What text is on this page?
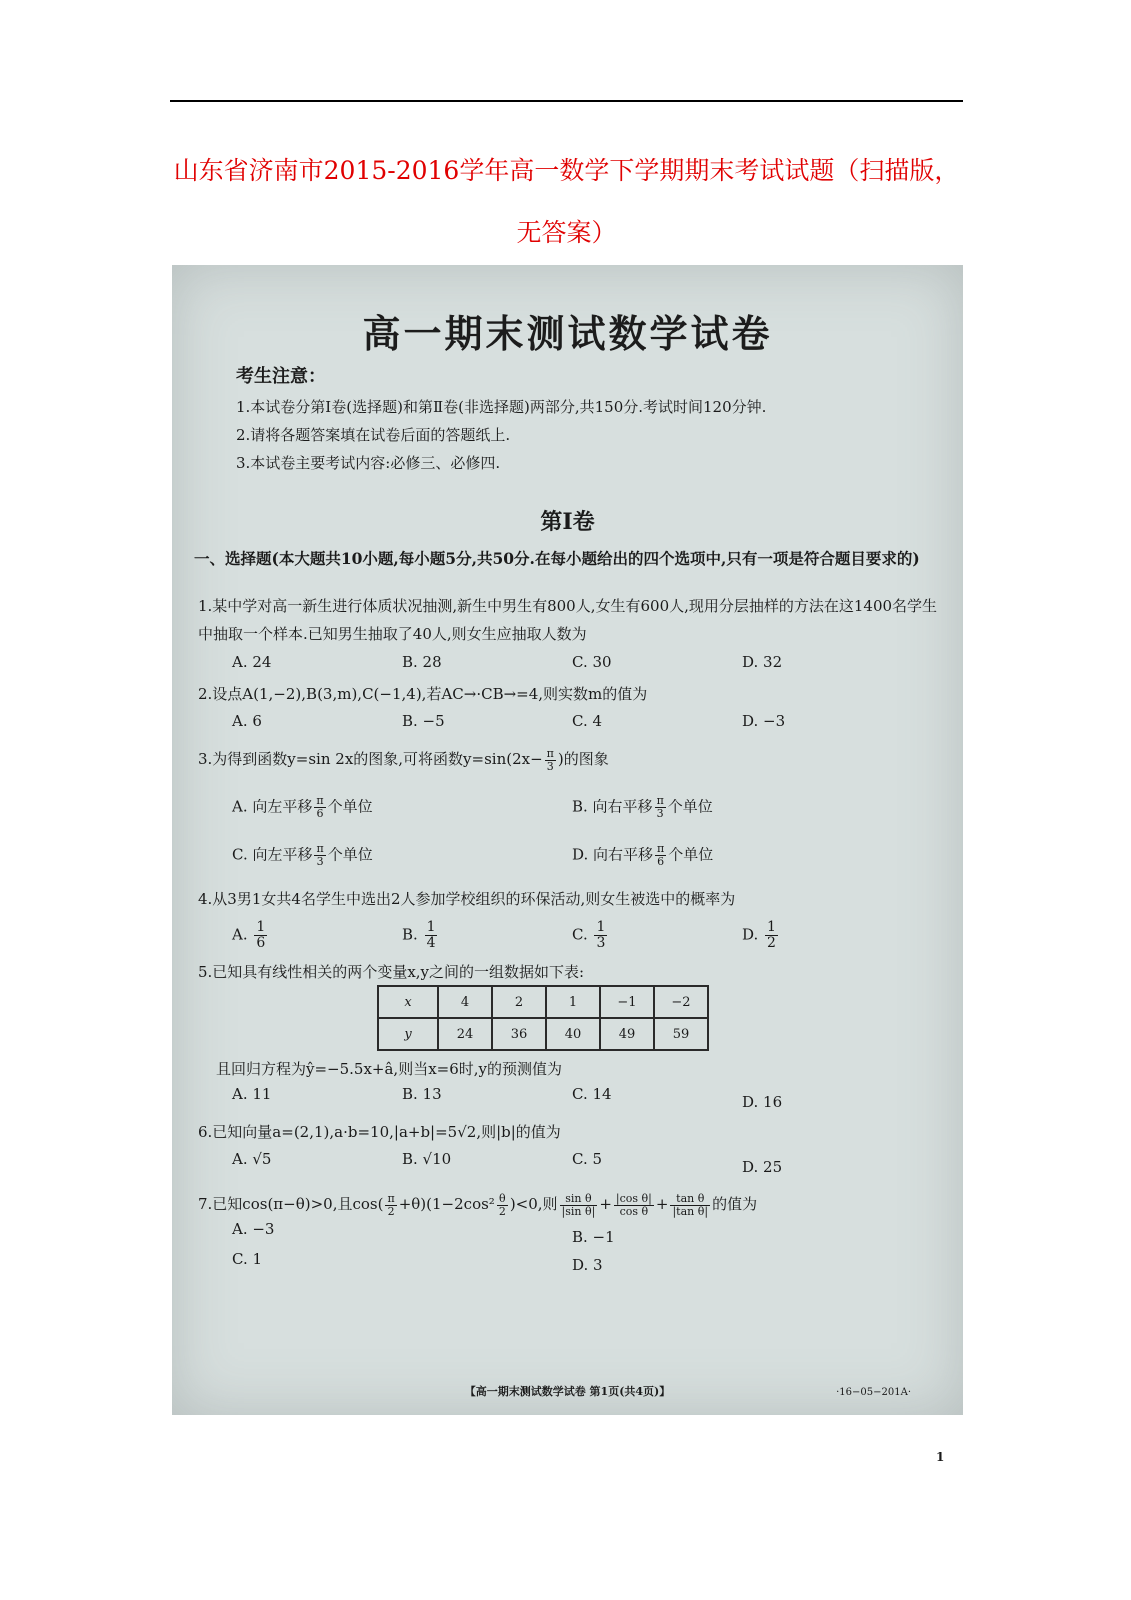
山东省济南市2015-2016学年高一数学下学期期末考试试题（扫描版，无答案）
高一期末测试数学试卷
考生注意：
1.本试卷分第Ⅰ卷(选择题)和第Ⅱ卷(非选择题)两部分,共150分.考试时间120分钟.
2.请将各题答案填在试卷后面的答题纸上.
3.本试卷主要考试内容:必修三、必修四.
第Ⅰ卷
一、选择题(本大题共10小题,每小题5分,共50分.在每小题给出的四个选项中,只有一项是符合题目要求的)
1.某中学对高一新生进行体质状况抽测,新生中男生有800人,女生有600人,现用分层抽样的方法在这1400名学生中抽取一个样本.已知男生抽取了40人,则女生应抽取人数为
A. 24	B. 28	C. 30	D. 32
2.设点A(1,−2),B(3,m),C(−1,4),若AC→·CB→=4,则实数m的值为
A. 6	B. −5	C. 4	D. −3
3.为得到函数y=sin 2x的图象,可将函数$y=\sin(2x- \frac{\pi}{3}$ )的图象
A. 向左平移 $\frac{\pi}{6}$ 个单位	B. 向右平移 $\frac{\pi}{3}$ 个单位
C. 向左平移 $\frac{\pi}{3}$ 个单位	D. 向右平移 $\frac{\pi}{6}$ 个单位
4.从3男1女共4名学生中选出2人参加学校组织的环保活动,则女生被选中的概率为
A. $\frac{1}{6}$	B. $\frac{1}{4}$	C. $\frac{1}{3}$	D. $\frac{1}{2}$
5.已知具有线性相关的两个变量x,y之间的一组数据如下表:
x	4	2	1	−1	−2
y	24	36	40	49	59
且回归方程为ŷ=−5.5x+â,则当x=6时,y的预测值为
A. 11	B. 13	C. 14	D. 16
6.已知向量a=(2,1),a·b=10,|a+b|=5√2,则|b|的值为
A. √5	B. √10	C. 5	D. 25
7.已知cos(π−θ)>0,且$\cos( \frac{\pi}{2} +\theta)(1-2\cos^2 \frac{\theta}{2} )<0$,则 $\frac{\text{sin θ}}{\text{|sin θ|}} + \frac{\text{|cos θ|}}{\text{cos θ}} + \frac{\text{tan θ}}{\text{|tan θ|}}$ 的值为
A. −3	B. −1
C. 1	D. 3
【高一期末测试数学试卷 第1页(共4页)】	·16−05−201A·
1
